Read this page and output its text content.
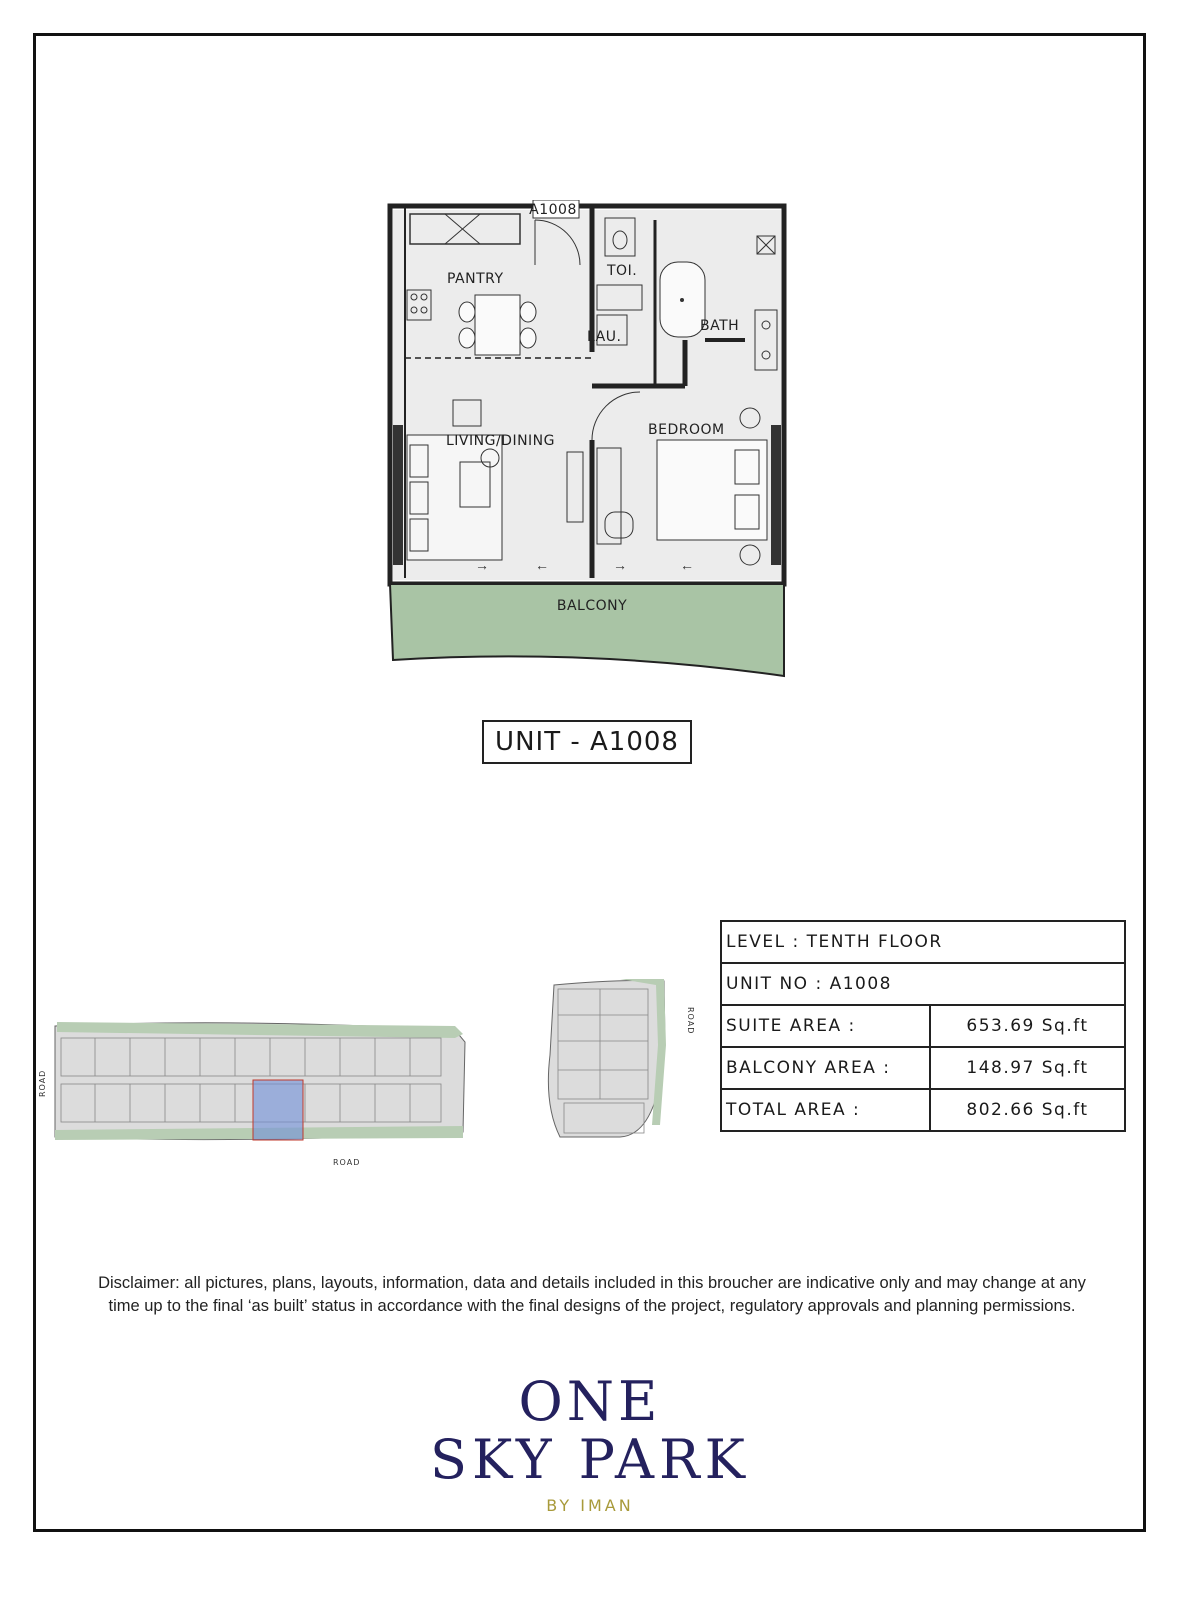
→	←	→	←
A1008
PANTRY	TOI.
LAU.
BATH
LIVING/DINING
BEDROOM
BALCONY
UNIT - A1008
ROAD
ROAD
ROAD
LEVEL : TENTH FLOOR	
UNIT NO : A1008	
SUITE AREA :	653.69 Sq.ft
BALCONY AREA :	148.97 Sq.ft
TOTAL AREA :	802.66 Sq.ft
Disclaimer: all pictures, plans, layouts, information, data and details included in this broucher are indicative only and may change at any time up to the final ‘as built’ status in accordance with the final designs of the project, regulatory approvals and planning permissions.
ONE
SKY PARK
BY IMAN
